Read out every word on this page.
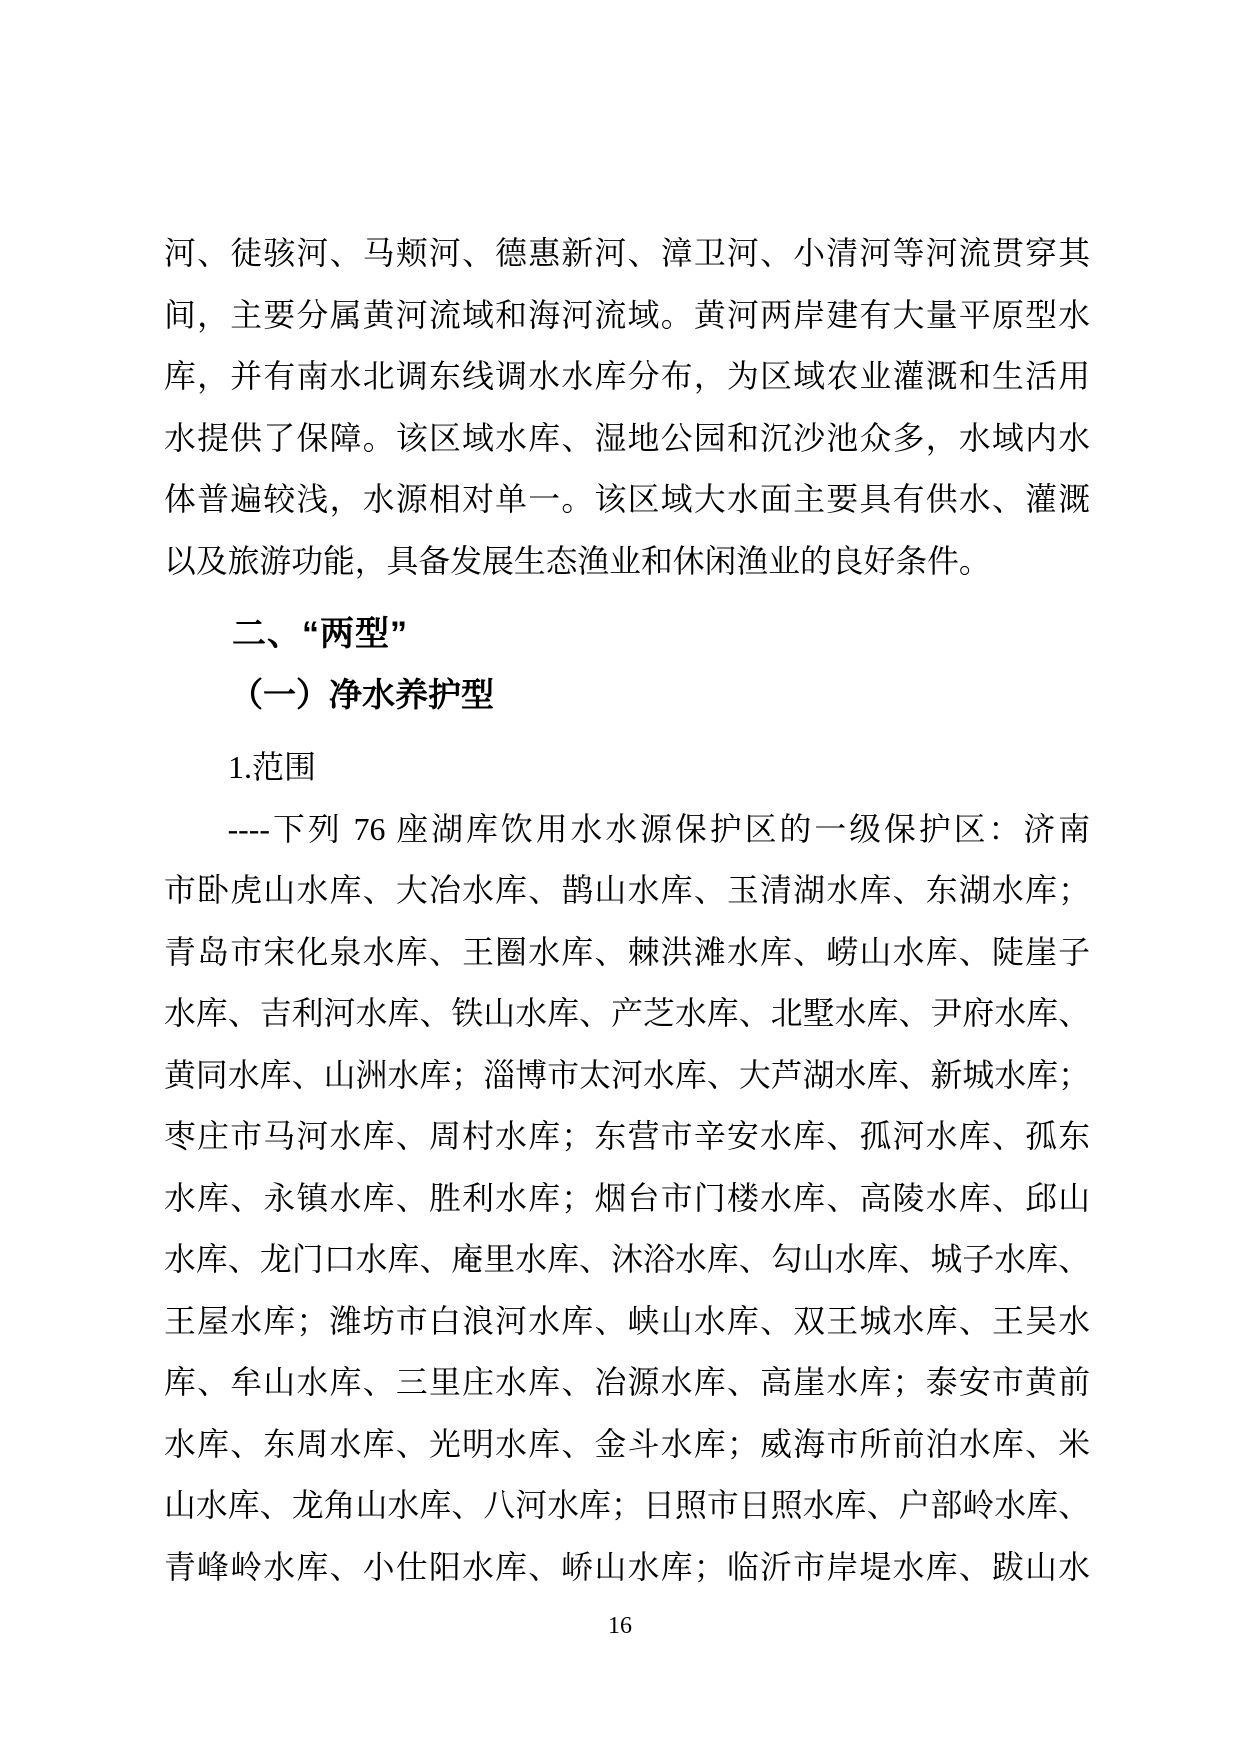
河、徒骇河、马颊河、德惠新河、漳卫河、小清河等河流贯穿其
间，主要分属黄河流域和海河流域。黄河两岸建有大量平原型水
库，并有南水北调东线调水水库分布，为区域农业灌溉和生活用
水提供了保障。该区域水库、湿地公园和沉沙池众多，水域内水
体普遍较浅，水源相对单一。该区域大水面主要具有供水、灌溉
以及旅游功能，具备发展生态渔业和休闲渔业的良好条件。
二、“两型”
（一）净水养护型
1.范围
----下列 76 座湖库饮用水水源保护区的一级保护区：济南
市卧虎山水库、大冶水库、鹊山水库、玉清湖水库、东湖水库；
青岛市宋化泉水库、王圈水库、棘洪滩水库、崂山水库、陡崖子
水库、吉利河水库、铁山水库、产芝水库、北墅水库、尹府水库、
黄同水库、山洲水库；淄博市太河水库、大芦湖水库、新城水库；
枣庄市马河水库、周村水库；东营市辛安水库、孤河水库、孤东
水库、永镇水库、胜利水库；烟台市门楼水库、高陵水库、邱山
水库、龙门口水库、庵里水库、沐浴水库、勾山水库、城子水库、
王屋水库；潍坊市白浪河水库、峡山水库、双王城水库、王吴水
库、牟山水库、三里庄水库、冶源水库、高崖水库；泰安市黄前
水库、东周水库、光明水库、金斗水库；威海市所前泊水库、米
山水库、龙角山水库、八河水库；日照市日照水库、户部岭水库、
青峰岭水库、小仕阳水库、峤山水库；临沂市岸堤水库、跋山水
16
